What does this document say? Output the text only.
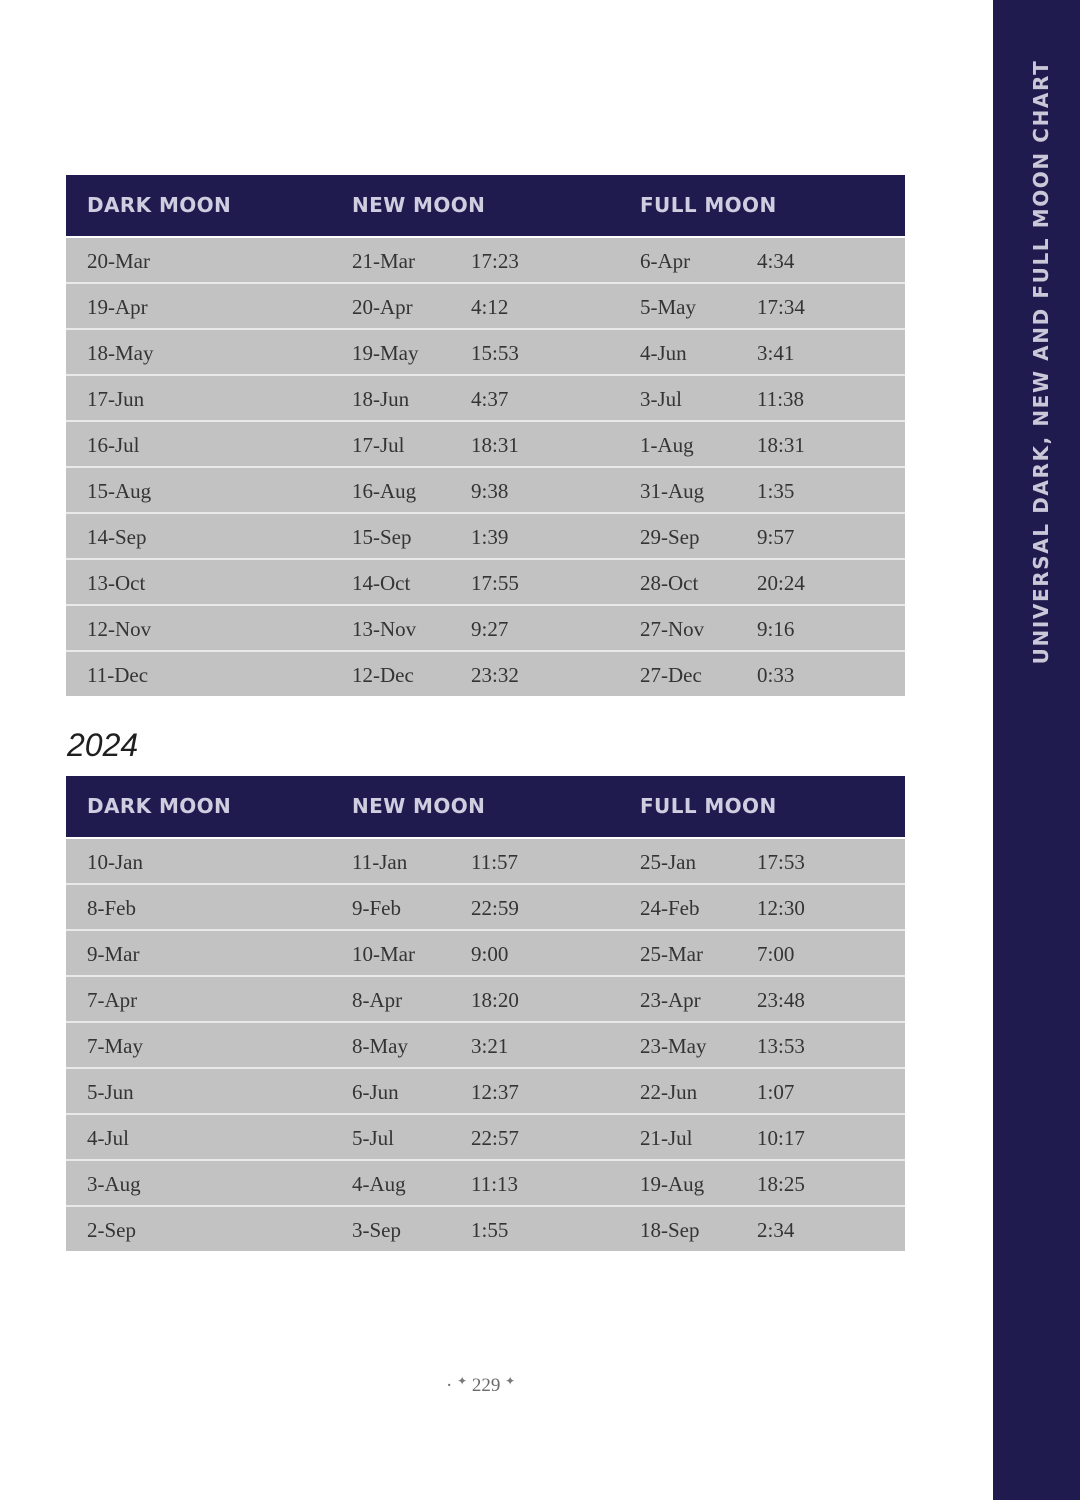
UNIVERSAL DARK, NEW AND FULL MOON CHART
DARK MOON	NEW MOON	FULL MOON
20-Mar	21-Mar	17:23	6-Apr	4:34
19-Apr	20-Apr	4:12	5-May	17:34
18-May	19-May	15:53	4-Jun	3:41
17-Jun	18-Jun	4:37	3-Jul	11:38
16-Jul	17-Jul	18:31	1-Aug	18:31
15-Aug	16-Aug	9:38	31-Aug	1:35
14-Sep	15-Sep	1:39	29-Sep	9:57
13-Oct	14-Oct	17:55	28-Oct	20:24
12-Nov	13-Nov	9:27	27-Nov	9:16
11-Dec	12-Dec	23:32	27-Dec	0:33
2024
DARK MOON	NEW MOON	FULL MOON
10-Jan	11-Jan	11:57	25-Jan	17:53
8-Feb	9-Feb	22:59	24-Feb	12:30
9-Mar	10-Mar	9:00	25-Mar	7:00
7-Apr	8-Apr	18:20	23-Apr	23:48
7-May	8-May	3:21	23-May 13:53
5-Jun	6-Jun	12:37	22-Jun	1:07
4-Jul	5-Jul	22:57	21-Jul	10:17
3-Aug	4-Aug	11:13	19-Aug	18:25
2-Sep	3-Sep	1:55	18-Sep	2:34
· ✦ 229 ✦
